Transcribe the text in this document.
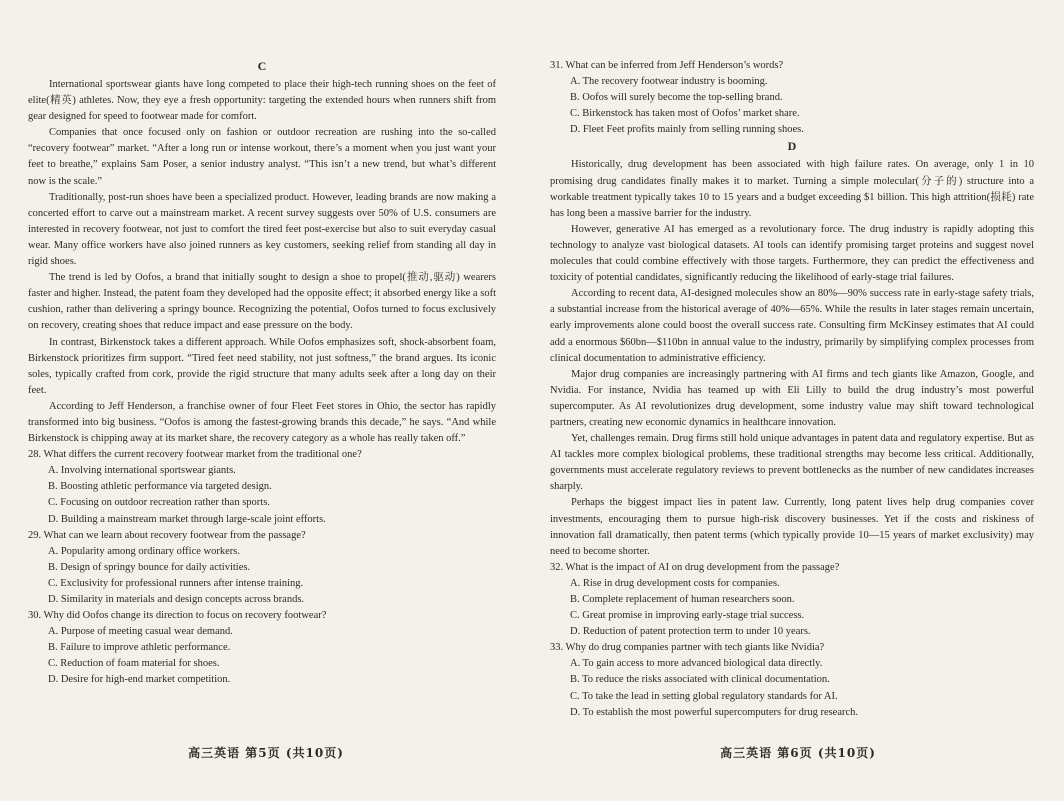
C

International sportswear giants have long competed to place their high-tech running shoes on the feet of elite(精英) athletes. Now, they eye a fresh opportunity: targeting the extended hours when runners shift from gear designed for speed to footwear made for comfort.

Companies that once focused only on fashion or outdoor recreation are rushing into the so-called “recovery footwear” market. “After a long run or intense workout, there’s a moment when you just want your feet to breathe,” explains Sam Poser, a senior industry analyst. “This isn’t a new trend, but what’s different now is the scale.”

Traditionally, post-run shoes have been a specialized product. However, leading brands are now making a concerted effort to carve out a mainstream market. A recent survey suggests over 50% of U.S. consumers are interested in recovery footwear, not just to comfort the tired feet post-exercise but also to suit everyday casual wear. Many office workers have also joined runners as key customers, seeking relief from standing all day in rigid shoes.

The trend is led by Oofos, a brand that initially sought to design a shoe to propel(推动,驱动) wearers faster and higher. Instead, the patent foam they developed had the opposite effect; it absorbed energy like a soft cushion, rather than delivering a springy bounce. Recognizing the potential, Oofos turned to focus exclusively on recovery, creating shoes that reduce impact and ease pressure on the body.

In contrast, Birkenstock takes a different approach. While Oofos emphasizes soft, shock-absorbent foam, Birkenstock prioritizes firm support. “Tired feet need stability, not just softness,” the brand argues. Its iconic soles, typically crafted from cork, provide the rigid structure that many adults seek after a long day on their feet.

According to Jeff Henderson, a franchise owner of four Fleet Feet stores in Ohio, the sector has rapidly transformed into big business. “Oofos is among the fastest-growing brands this decade,” he says. “And while Birkenstock is chipping away at its market share, the recovery category as a whole has really taken off.”

28. What differs the current recovery footwear market from the traditional one?

A. Involving international sportswear giants.

B. Boosting athletic performance via targeted design.

C. Focusing on outdoor recreation rather than sports.

D. Building a mainstream market through large-scale joint efforts.

29. What can we learn about recovery footwear from the passage?

A. Popularity among ordinary office workers.

B. Design of springy bounce for daily activities.

C. Exclusivity for professional runners after intense training.

D. Similarity in materials and design concepts across brands.

30. Why did Oofos change its direction to focus on recovery footwear?

A. Purpose of meeting casual wear demand.

B. Failure to improve athletic performance.

C. Reduction of foam material for shoes.

D. Desire for high-end market competition.

高三英语 第5页 (共10页)

31. What can be inferred from Jeff Henderson’s words?

A. The recovery footwear industry is booming.

B. Oofos will surely become the top-selling brand.

C. Birkenstock has taken most of Oofos’ market share.

D. Fleet Feet profits mainly from selling running shoes.

D

Historically, drug development has been associated with high failure rates. On average, only 1 in 10 promising drug candidates finally makes it to market. Turning a simple molecular(分子的) structure into a workable treatment typically takes 10 to 15 years and a budget exceeding $1 billion. This high attrition(损耗) rate has long been a massive barrier for the industry.

However, generative AI has emerged as a revolutionary force. The drug industry is rapidly adopting this technology to analyze vast biological datasets. AI tools can identify promising target proteins and suggest novel molecules that could combine effectively with those targets. Furthermore, they can predict the effectiveness and toxicity of potential candidates, significantly reducing the likelihood of early-stage trial failures.

According to recent data, AI-designed molecules show an 80%—90% success rate in early-stage safety trials, a substantial increase from the historical average of 40%—65%. While the results in later stages remain uncertain, early improvements alone could boost the overall success rate. Consulting firm McKinsey estimates that AI could add a enormous $60bn—$110bn in annual value to the industry, primarily by simplifying complex processes from clinical documentation to administrative efficiency.

Major drug companies are increasingly partnering with AI firms and tech giants like Amazon, Google, and Nvidia. For instance, Nvidia has teamed up with Eli Lilly to build the drug industry’s most powerful supercomputer. As AI revolutionizes drug development, some industry value may shift toward technological partners, creating new economic dynamics in healthcare innovation.

Yet, challenges remain. Drug firms still hold unique advantages in patent data and regulatory expertise. But as AI tackles more complex biological problems, these traditional strengths may become less critical. Additionally, governments must accelerate regulatory reviews to prevent bottlenecks as the number of new candidates increases sharply.

Perhaps the biggest impact lies in patent law. Currently, long patent lives help drug companies cover investments, encouraging them to pursue high-risk discovery businesses. Yet if the costs and riskiness of innovation fall dramatically, then patent terms (which typically provide 10—15 years of market exclusivity) may need to become shorter.

32. What is the impact of AI on drug development from the passage?

A. Rise in drug development costs for companies.

B. Complete replacement of human researchers soon.

C. Great promise in improving early-stage trial success.

D. Reduction of patent protection term to under 10 years.

33. Why do drug companies partner with tech giants like Nvidia?

A. To gain access to more advanced biological data directly.

B. To reduce the risks associated with clinical documentation.

C. To take the lead in setting global regulatory standards for AI.

D. To establish the most powerful supercomputers for drug research.

高三英语 第6页 (共10页)
